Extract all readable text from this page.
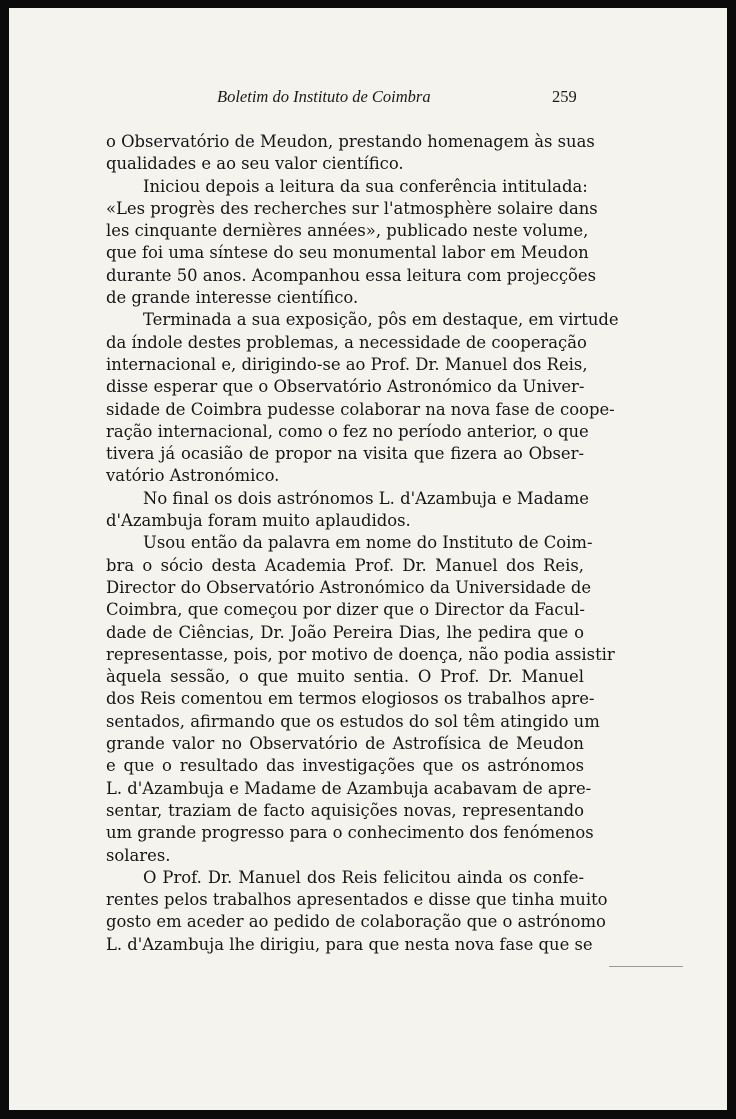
Boletim do Instituto de Coimbra	259
o Observatório de Meudon, prestando homenagem às suas
qualidades e ao seu valor científico.
Iniciou depois a leitura da sua conferência intitulada:
«Les progrès des recherches sur l'atmosphère solaire dans
les cinquante dernières années», publicado neste volume,
que foi uma síntese do seu monumental labor em Meudon
durante 50 anos. Acompanhou essa leitura com projecções
de grande interesse científico.
Terminada a sua exposição, pôs em destaque, em virtude
da índole destes problemas, a necessidade de cooperação
internacional e, dirigindo-se ao Prof. Dr. Manuel dos Reis,
disse esperar que o Observatório Astronómico da Univer-
sidade de Coimbra pudesse colaborar na nova fase de coope-
ração internacional, como o fez no período anterior, o que
tivera já ocasião de propor na visita que fizera ao Obser-
vatório Astronómico.
No final os dois astrónomos L. d'Azambuja e Madame
d'Azambuja foram muito aplaudidos.
Usou então da palavra em nome do Instituto de Coim-
bra o sócio desta Academia Prof. Dr. Manuel dos Reis,
Director do Observatório Astronómico da Universidade de
Coimbra, que começou por dizer que o Director da Facul-
dade de Ciências, Dr. João Pereira Dias, lhe pedira que o
representasse, pois, por motivo de doença, não podia assistir
àquela sessão, o que muito sentia. O Prof. Dr. Manuel
dos Reis comentou em termos elogiosos os trabalhos apre-
sentados, afirmando que os estudos do sol têm atingido um
grande valor no Observatório de Astrofísica de Meudon
e que o resultado das investigações que os astrónomos
L. d'Azambuja e Madame de Azambuja acabavam de apre-
sentar, traziam de facto aquisições novas, representando
um grande progresso para o conhecimento dos fenómenos
solares.
O Prof. Dr. Manuel dos Reis felicitou ainda os confe-
rentes pelos trabalhos apresentados e disse que tinha muito
gosto em aceder ao pedido de colaboração que o astrónomo
L. d'Azambuja lhe dirigiu, para que nesta nova fase que se
